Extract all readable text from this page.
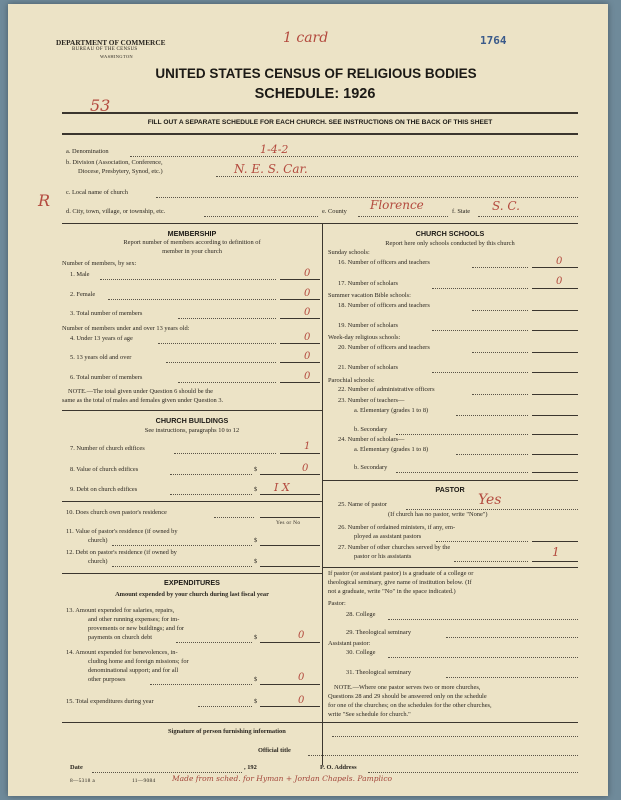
DEPARTMENT OF COMMERCE
BUREAU OF THE CENSUS
WASHINGTON
1 card	1764
53
UNITED STATES CENSUS OF RELIGIOUS BODIES
SCHEDULE: 1926
FILL OUT A SEPARATE SCHEDULE FOR EACH CHURCH. SEE INSTRUCTIONS ON THE BACK OF THIS SHEET
a. Denomination	1-4-2
b. Division (Association, Conference,
Diocese, Presbytery, Synod, etc.)	N. E. S. Car.
c. Local name of church
R
d. City, town, village, or township, etc.	e. County Florence	f. State S. C.
MEMBERSHIP
Report number of members according to definition of
member in your church
Number of members, by sex:
1. Male	0
2. Female	0
3. Total number of members	0
Number of members under and over 13 years old:
4. Under 13 years of age	0
5. 13 years old and over	0
6. Total number of members	0
NOTE.—The total given under Question 6 should be the
same as the total of males and females given under Question 3.
CHURCH BUILDINGS
See instructions, paragraphs 10 to 12
7. Number of church edifices	1
8. Value of church edifices	$	0
9. Debt on church edifices	$ I X
10. Does church own pastor's residence
Yes or No
11. Value of pastor's residence (if owned by
church)	$
12. Debt on pastor's residence (if owned by
church)	$
EXPENDITURES
Amount expended by your church during last fiscal year
13. Amount expended for salaries, repairs,
and other running expenses; for im-
provements or new buildings; and for
payments on church debt	$	0
14. Amount expended for benevolences, in-
cluding home and foreign missions; for
denominational support; and for all
other purposes	$	0
15. Total expenditures during year	$	0
CHURCH SCHOOLS
Report here only schools conducted by this church
Sunday schools:
16. Number of officers and teachers	0
17. Number of scholars	0
Summer vacation Bible schools:
18. Number of officers and teachers
19. Number of scholars
Week-day religious schools:
20. Number of officers and teachers
21. Number of scholars
Parochial schools:
22. Number of administrative officers
23. Number of teachers—
a. Elementary (grades 1 to 8)
b. Secondary
24. Number of scholars—
a. Elementary (grades 1 to 8)
b. Secondary
PASTOR
25. Name of pastor	Yes
(If church has no pastor, write "None")
26. Number of ordained ministers, if any, em-
ployed as assistant pastors
27. Number of other churches served by the
pastor or his assistants	1
If pastor (or assistant pastor) is a graduate of a college or
theological seminary, give name of institution below. (If
not a graduate, write "No" in the space indicated.)
Pastor:
28. College
29. Theological seminary
Assistant pastor:
30. College
31. Theological seminary
NOTE.—Where one pastor serves two or more churches,
Questions 28 and 29 should be answered only on the schedule
for one of the churches; on the schedules for the other churches,
write "See schedule for church."
Signature of person furnishing information
Official title
Date	, 192	P. O. Address
8—5318 a	11—9084 Made from sched. for Hyman + Jordan Chapels. Pamplico
